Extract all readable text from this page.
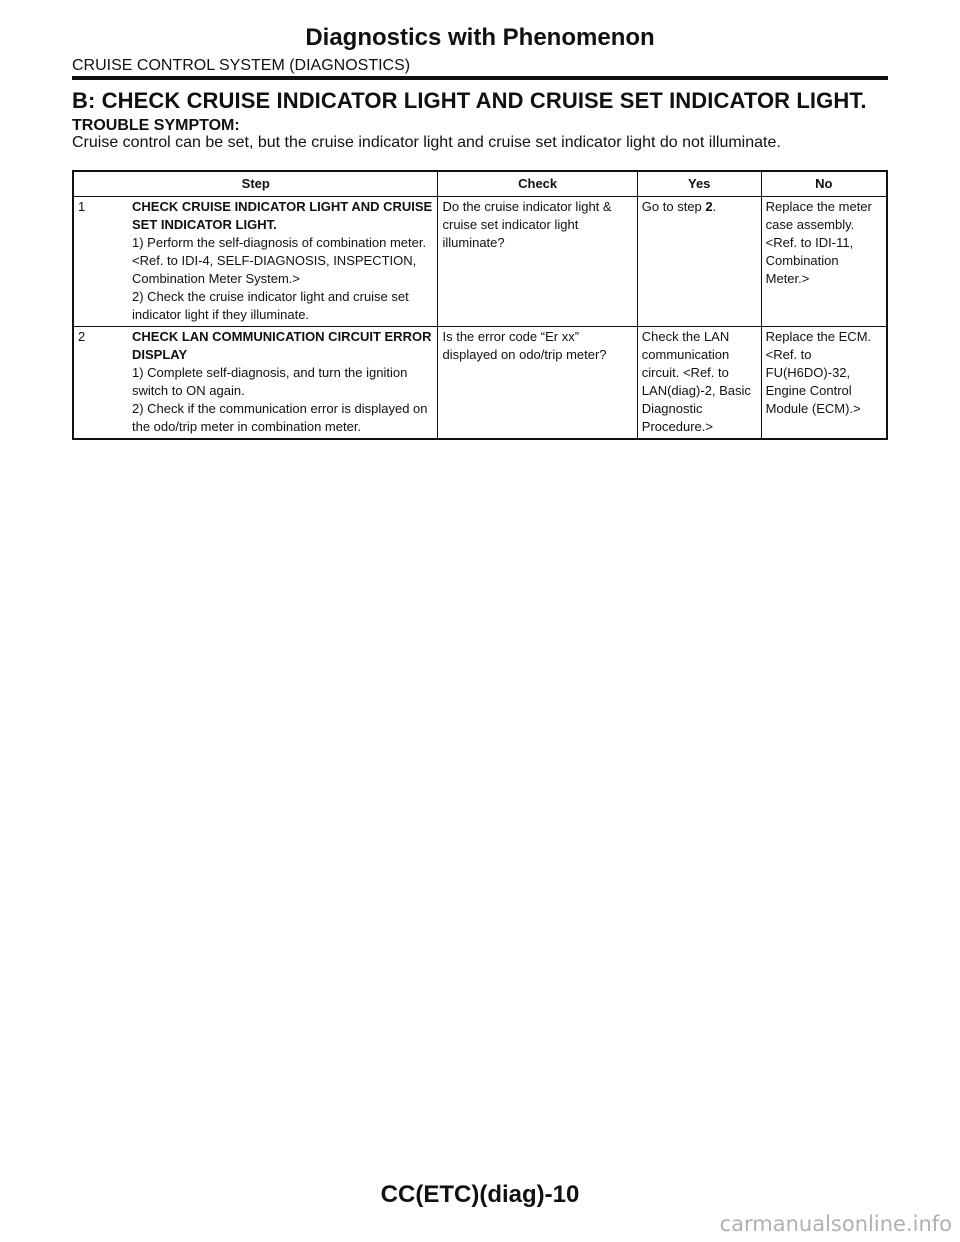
Diagnostics with Phenomenon
CRUISE CONTROL SYSTEM (DIAGNOSTICS)
B: CHECK CRUISE INDICATOR LIGHT AND CRUISE SET INDICATOR LIGHT.
TROUBLE SYMPTOM:
Cruise control can be set, but the cruise indicator light and cruise set indicator light do not illuminate.
Step	Check	Yes	No

1 CHECK CRUISE INDICATOR LIGHT AND CRUISE SET INDICATOR LIGHT.
1) Perform the self-diagnosis of combination meter. <Ref. to IDI-4, SELF-DIAGNOSIS, INSPECTION, Combination Meter System.>
2) Check the cruise indicator light and cruise set indicator light if they illuminate.	Do the cruise indicator light & cruise set indicator light illuminate?	Go to step 2.	Replace the meter case assembly. <Ref. to IDI-11, Combination Meter.>

2 CHECK LAN COMMUNICATION CIRCUIT ERROR DISPLAY
1) Complete self-diagnosis, and turn the ignition switch to ON again.
2) Check if the communication error is displayed on the odo/trip meter in combination meter.	Is the error code “Er xx” displayed on odo/trip meter?	Check the LAN communication circuit. <Ref. to LAN(diag)-2, Basic Diagnostic Procedure.>	Replace the ECM. <Ref. to FU(H6DO)-32, Engine Control Module (ECM).>
CC(ETC)(diag)-10
carmanualsonline.info
